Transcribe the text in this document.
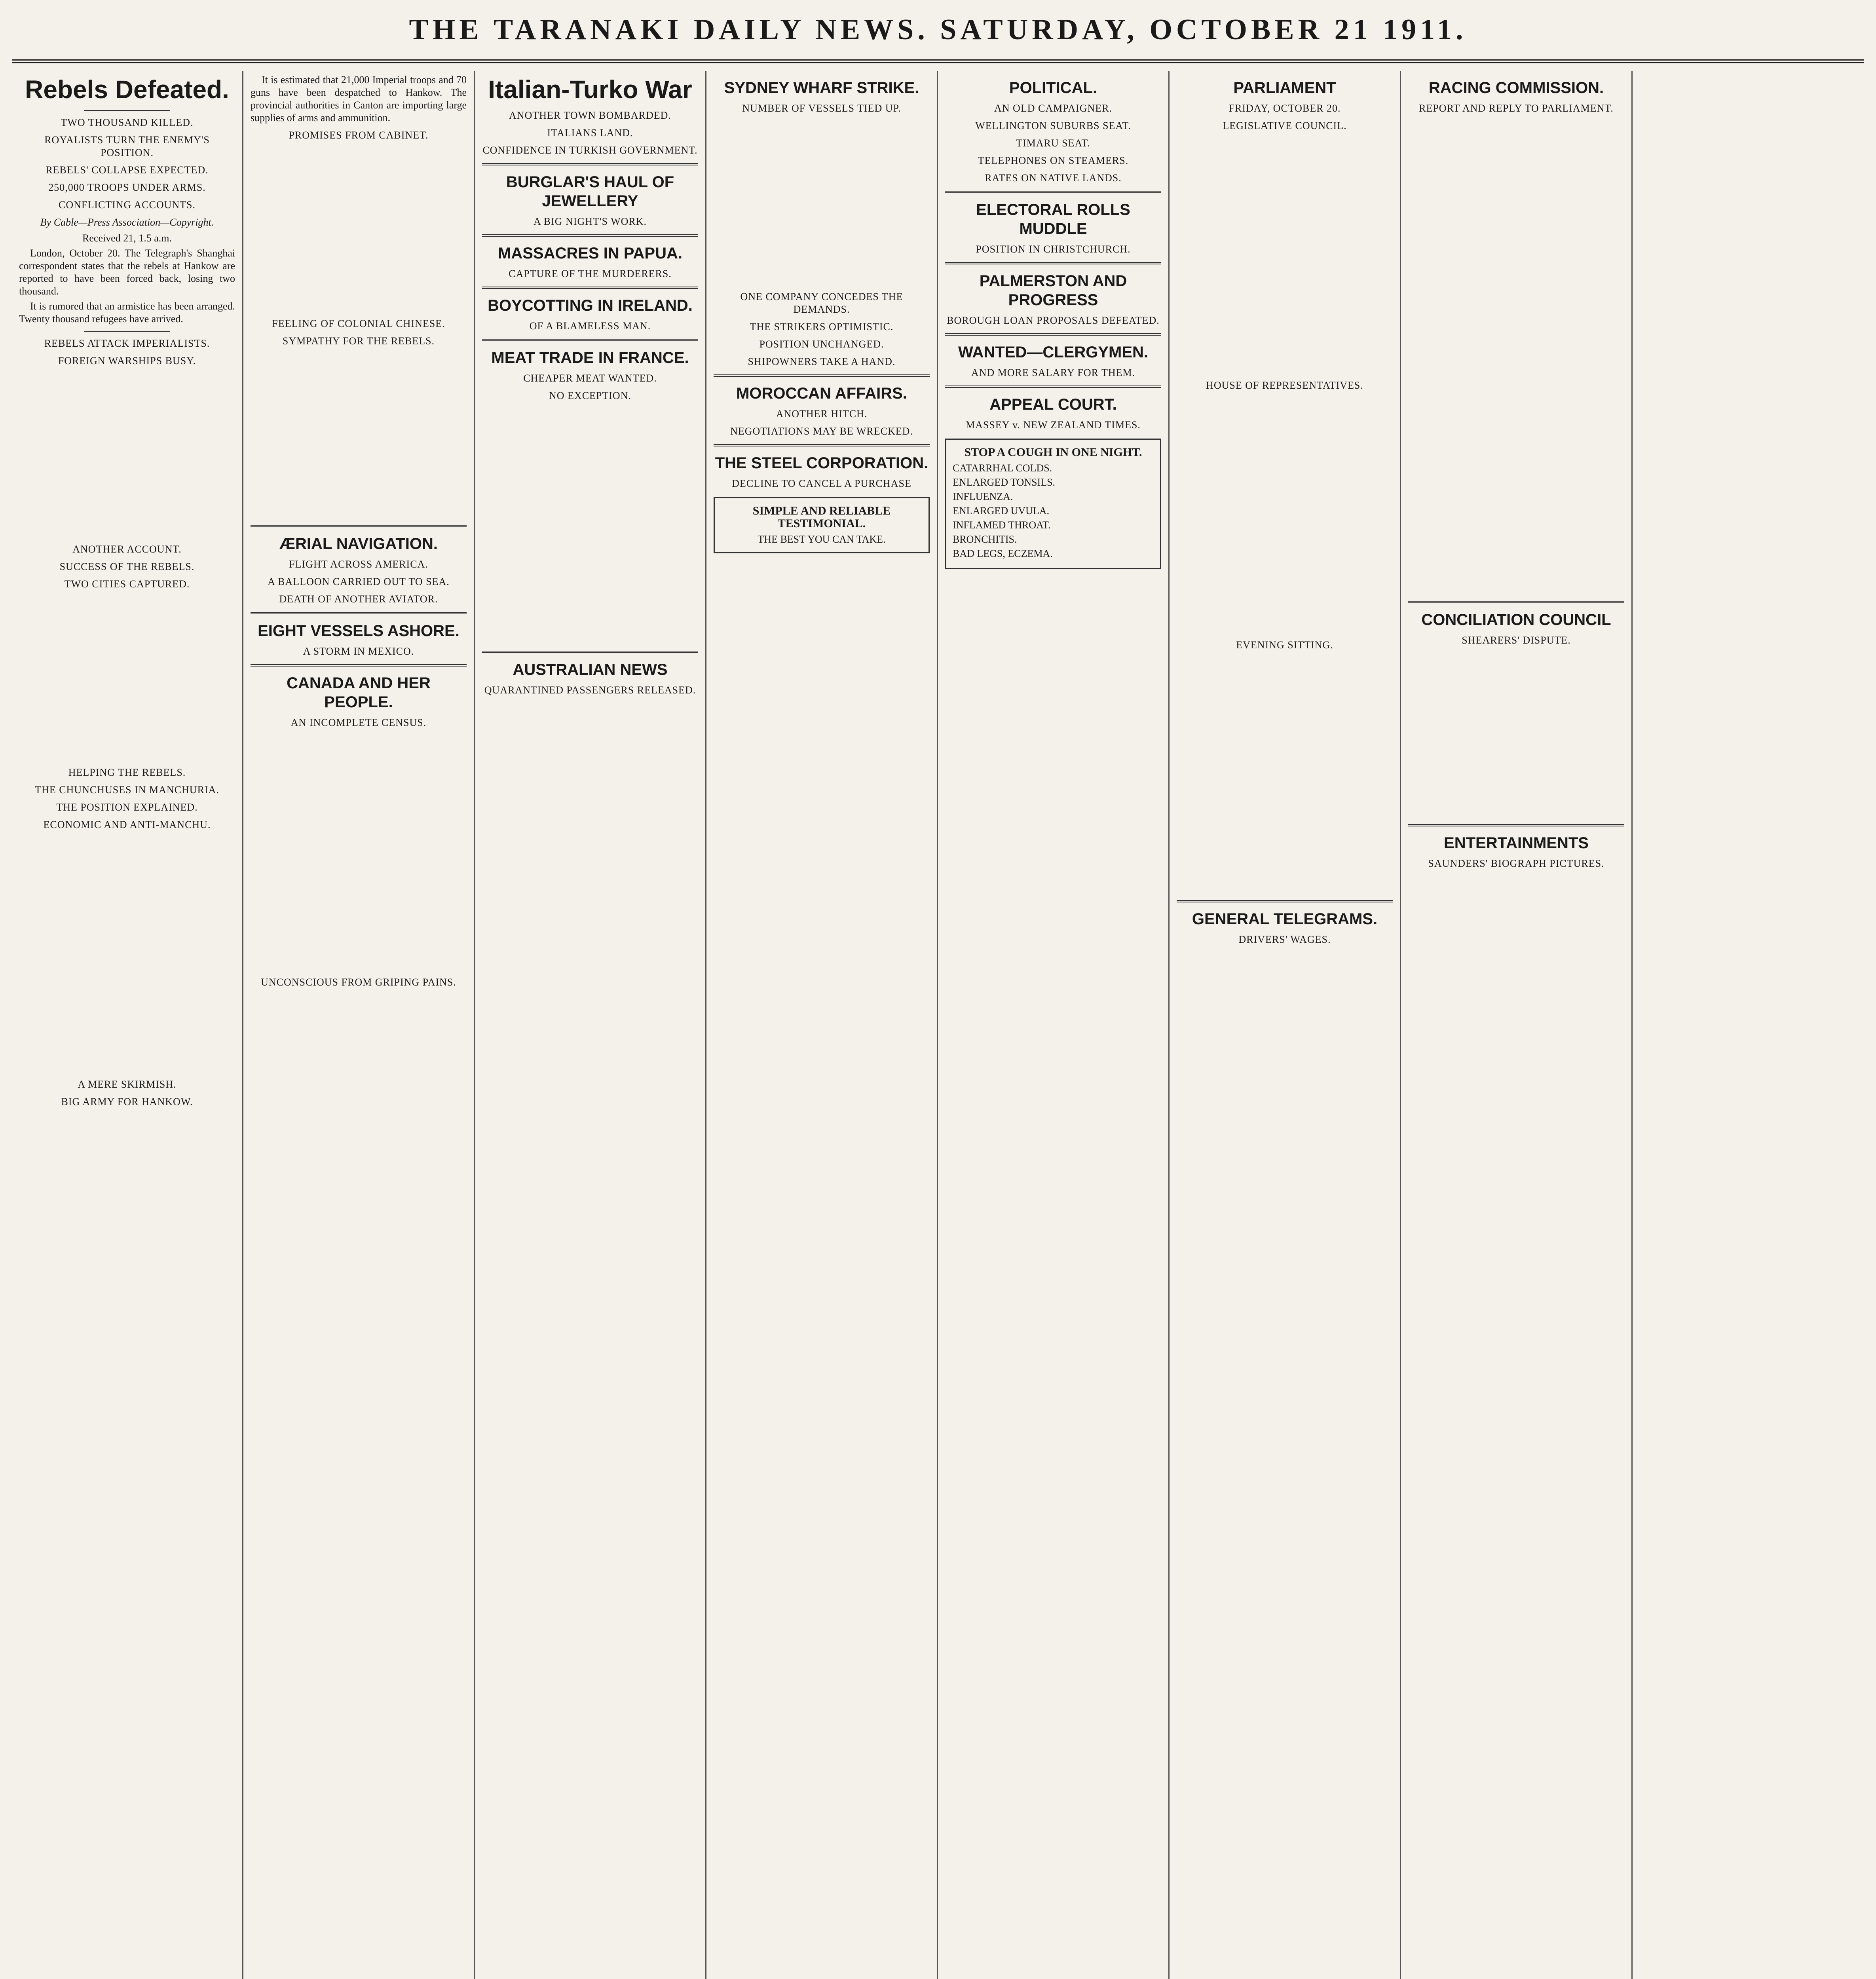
THE TARANAKI DAILY NEWS. SATURDAY, OCTOBER 21 1911.
Rebels Defeated.
TWO THOUSAND KILLED.
ROYALISTS TURN THE ENEMY'S POSITION.
REBELS' COLLAPSE EXPECTED.
250,000 TROOPS UNDER ARMS.
CONFLICTING ACCOUNTS.
By Cable—Press Association—Copyright.
Received 21, 1.5 a.m.

London, October 20. The Telegraph's Shanghai correspondent states that the rebels at Hankow are reported to have been forced back, losing two thousand.

It is rumored that an armistice has been arranged. Twenty thousand refugees have arrived.

REBELS ATTACK IMPERIALISTS.
FOREIGN WARSHIPS BUSY.
ANOTHER ACCOUNT.
SUCCESS OF THE REBELS.
TWO CITIES CAPTURED.
HELPING THE REBELS.
THE CHUNCHUSES IN MANCHURIA.
THE POSITION EXPLAINED.
ECONOMIC AND ANTI-MANCHU.
A MERE SKIRMISH.
BIG ARMY FOR HANKOW.

It is estimated that 21,000 Imperial troops and 70 guns have been despatched to Hankow. The provincial authorities in Canton are importing large supplies of arms and ammunition.

PROMISES FROM CABINET.
FEELING OF COLONIAL CHINESE.
SYMPATHY FOR THE REBELS.
ÆRIAL NAVIGATION.
FLIGHT ACROSS AMERICA.
A BALLOON CARRIED OUT TO SEA.
DEATH OF ANOTHER AVIATOR.
EIGHT VESSELS ASHORE.
A STORM IN MEXICO.
CANADA AND HER PEOPLE.
AN INCOMPLETE CENSUS.
UNCONSCIOUS FROM GRIPING PAINS.
Italian-Turko War
ANOTHER TOWN BOMBARDED.
ITALIANS LAND.
CONFIDENCE IN TURKISH GOVERNMENT.
BURGLAR'S HAUL OF JEWELLERY
A BIG NIGHT'S WORK.
MASSACRES IN PAPUA.
CAPTURE OF THE MURDERERS.
BOYCOTTING IN IRELAND.
OF A BLAMELESS MAN.
MEAT TRADE IN FRANCE.
CHEAPER MEAT WANTED.
NO EXCEPTION.
AUSTRALIAN NEWS
QUARANTINED PASSENGERS RELEASED.
SYDNEY WHARF STRIKE.
NUMBER OF VESSELS TIED UP.
ONE COMPANY CONCEDES THE DEMANDS.
THE STRIKERS OPTIMISTIC.
POSITION UNCHANGED.
SHIPOWNERS TAKE A HAND.
MOROCCAN AFFAIRS.
ANOTHER HITCH.
NEGOTIATIONS MAY BE WRECKED.
THE STEEL CORPORATION.
DECLINE TO CANCEL A PURCHASE
SIMPLE AND RELIABLE TESTIMONIAL.
THE BEST YOU CAN TAKE.
POLITICAL.
AN OLD CAMPAIGNER.
WELLINGTON SUBURBS SEAT.
TIMARU SEAT.
TELEPHONES ON STEAMERS.
RATES ON NATIVE LANDS.
ELECTORAL ROLLS MUDDLE
POSITION IN CHRISTCHURCH.
PALMERSTON AND PROGRESS
BOROUGH LOAN PROPOSALS DEFEATED.
WANTED—CLERGYMEN.
AND MORE SALARY FOR THEM.
APPEAL COURT.
MASSEY v. NEW ZEALAND TIMES.
STOP A COUGH IN ONE NIGHT.
CATARRHAL COLDS.
ENLARGED TONSILS.
INFLUENZA.
ENLARGED UVULA.
INFLAMED THROAT.
BRONCHITIS.
BAD LEGS, ECZEMA.
PARLIAMENT
FRIDAY, OCTOBER 20.
LEGISLATIVE COUNCIL.
HOUSE OF REPRESENTATIVES.
EVENING SITTING.
GENERAL TELEGRAMS.
DRIVERS' WAGES.
RACING COMMISSION.
REPORT AND REPLY TO PARLIAMENT.
CONCILIATION COUNCIL
SHEARERS' DISPUTE.
ENTERTAINMENTS
SAUNDERS' BIOGRAPH PICTURES.
